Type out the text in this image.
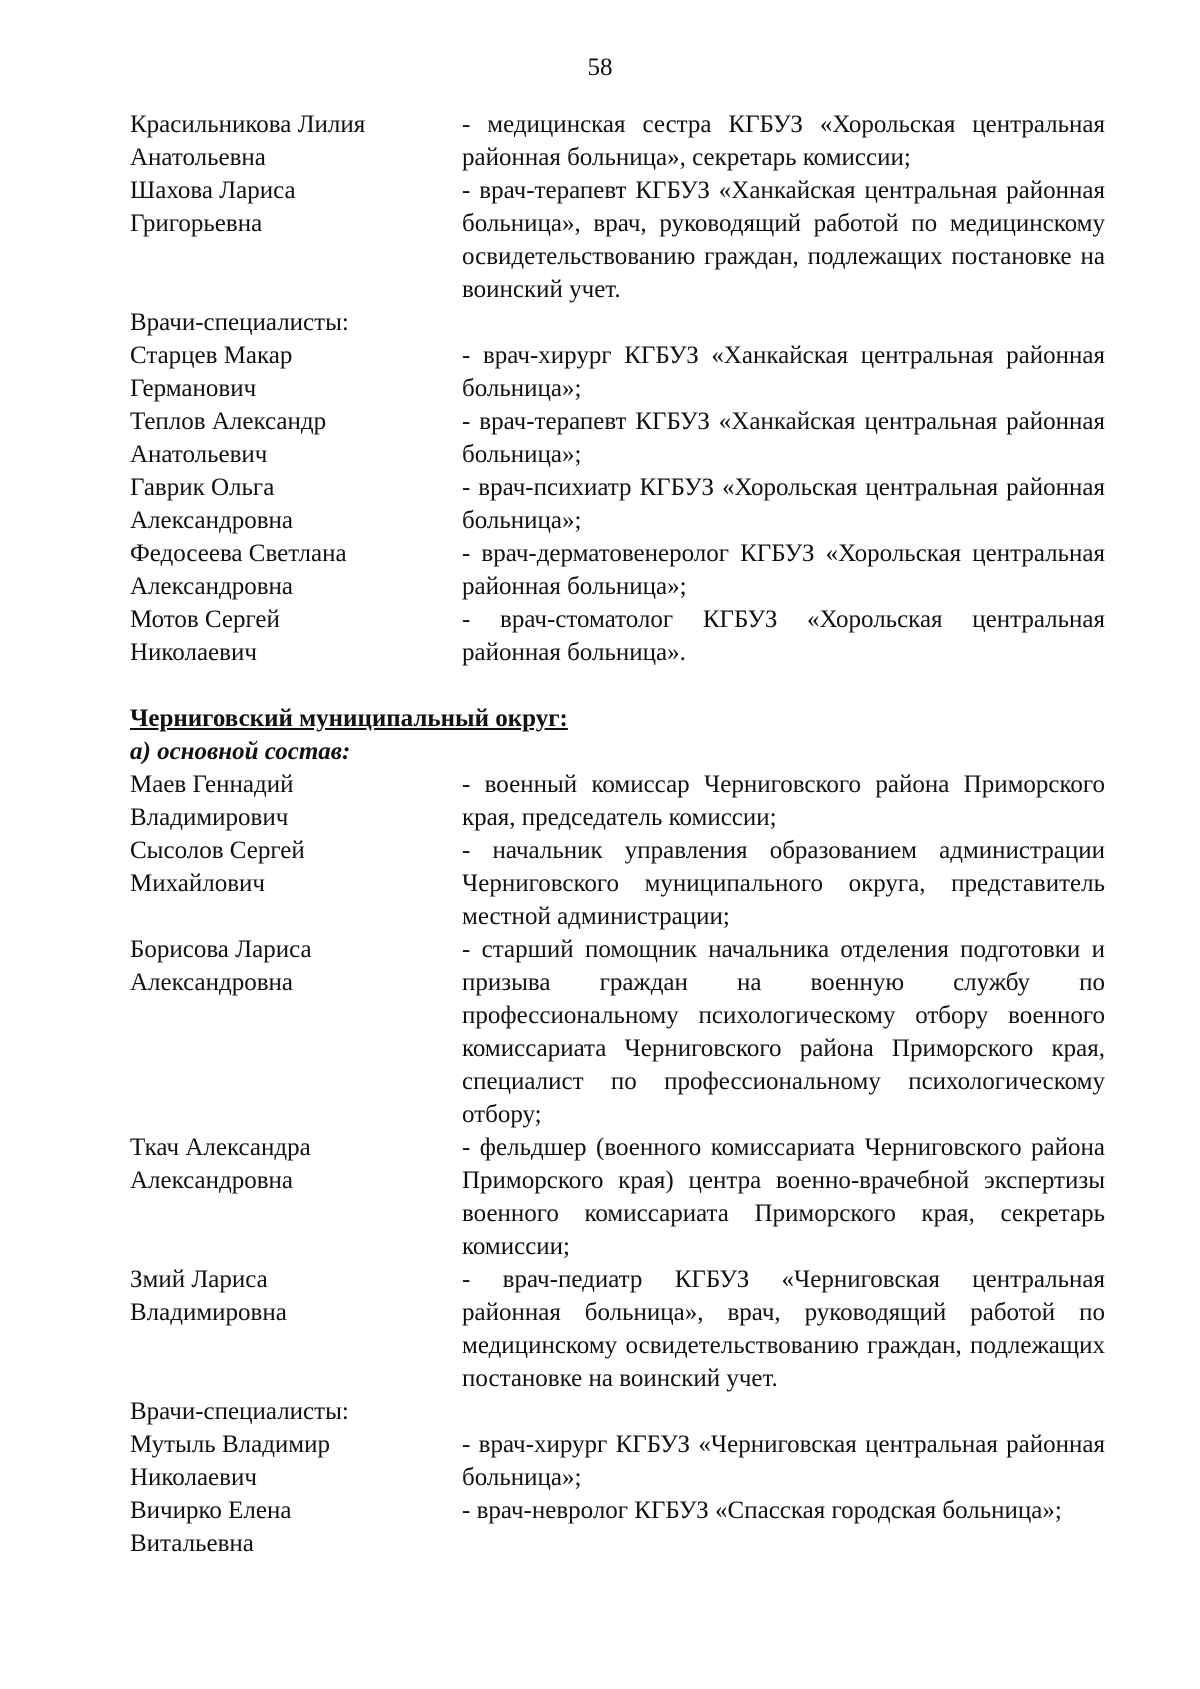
58
Красильникова Лилия
Анатольевна
- медицинская сестра КГБУЗ «Хорольская центральная районная больница», секретарь комиссии;
Шахова Лариса
Григорьевна
- врач-терапевт КГБУЗ «Ханкайская центральная районная больница», врач, руководящий работой по медицинскому освидетельствованию граждан, подлежащих постановке на воинский учет.
Врачи-специалисты:
Старцев Макар
Германович
- врач-хирург КГБУЗ «Ханкайская центральная районная больница»;
Теплов Александр
Анатольевич
- врач-терапевт КГБУЗ «Ханкайская центральная районная больница»;
Гаврик Ольга
Александровна
- врач-психиатр КГБУЗ «Хорольская центральная районная больница»;
Федосеева Светлана
Александровна
- врач-дерматовенеролог КГБУЗ «Хорольская центральная районная больница»;
Мотов Сергей
Николаевич
- врач-стоматолог КГБУЗ «Хорольская центральная районная больница».
Черниговский муниципальный округ:
а) основной состав:
Маев Геннадий
Владимирович
- военный комиссар Черниговского района Приморского края, председатель комиссии;
Сысолов Сергей
Михайлович
- начальник управления образованием администрации Черниговского муниципального округа, представитель местной администрации;
Борисова Лариса
Александровна
- старший помощник начальника отделения подготовки и призыва граждан на военную службу по профессиональному психологическому отбору военного комиссариата Черниговского района Приморского края, специалист по профессиональному психологическому отбору;
Ткач Александра
Александровна
- фельдшер (военного комиссариата Черниговского района Приморского края) центра военно-врачебной экспертизы военного комиссариата Приморского края, секретарь комиссии;
Змий Лариса
Владимировна
- врач-педиатр КГБУЗ «Черниговская центральная районная больница», врач, руководящий работой по медицинскому освидетельствованию граждан, подлежащих постановке на воинский учет.
Врачи-специалисты:
Мутыль Владимир
Николаевич
- врач-хирург КГБУЗ «Черниговская центральная районная больница»;
Вичирко Елена
Витальевна
- врач-невролог КГБУЗ «Спасская городская больница»;
